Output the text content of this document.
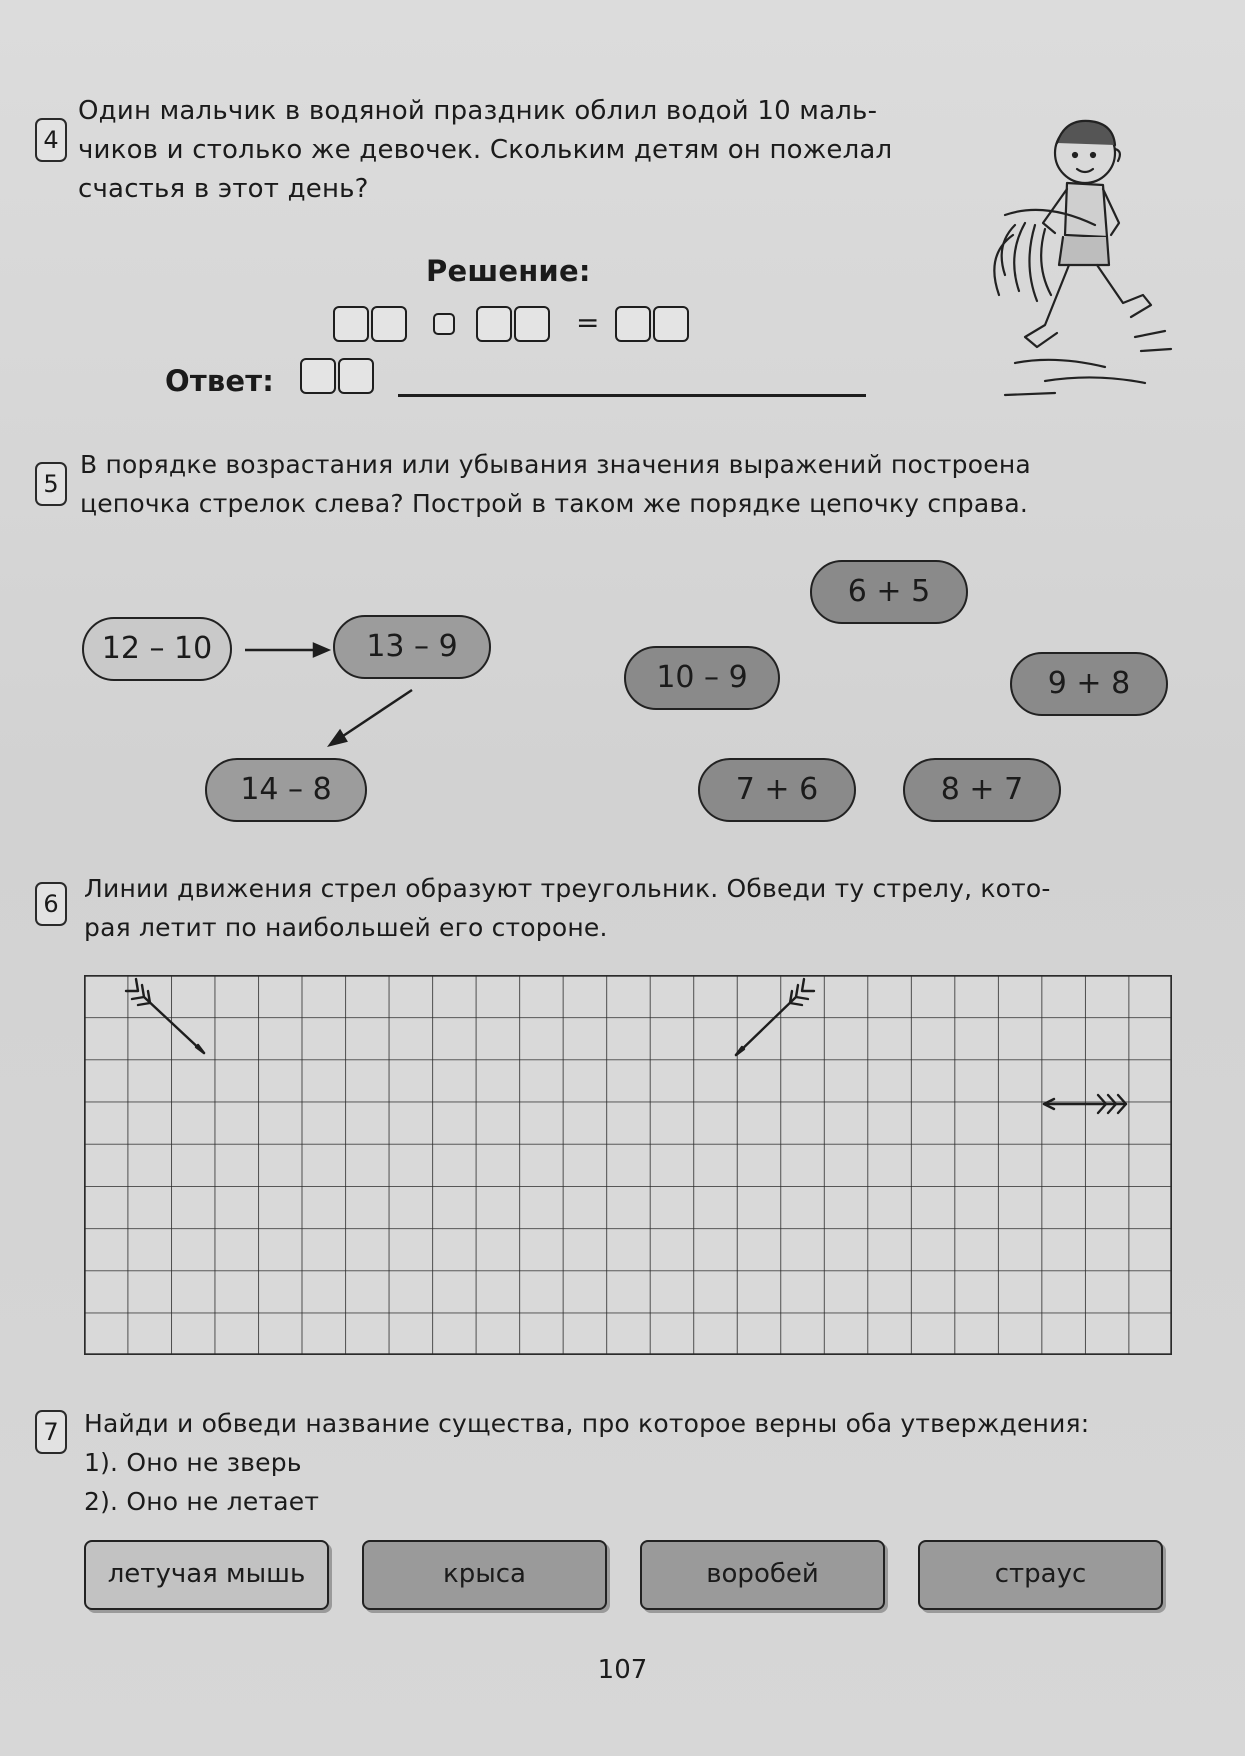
4
Один мальчик в водяной праздник облил водой 10 маль-
чиков и столько же девочек. Скольким детям он пожелал
счастья в этот день?
Решение:
=
Ответ:
5
В порядке возрастания или убывания значения выражений построена
цепочка стрелок слева? Построй в таком же порядке цепочку справа.
12 – 10	13 – 9
14 – 8
6 + 5
10 – 9	9 + 8
7 + 6	8 + 7
6
Линии движения стрел образуют треугольник. Обведи ту стрелу, кото-
рая летит по наибольшей его стороне.
7	Найди и обведи название существа, про которое верны оба утверждения:
1). Оно не зверь
2). Оно не летает
летучая мышь	крыса	воробей	страус
107
